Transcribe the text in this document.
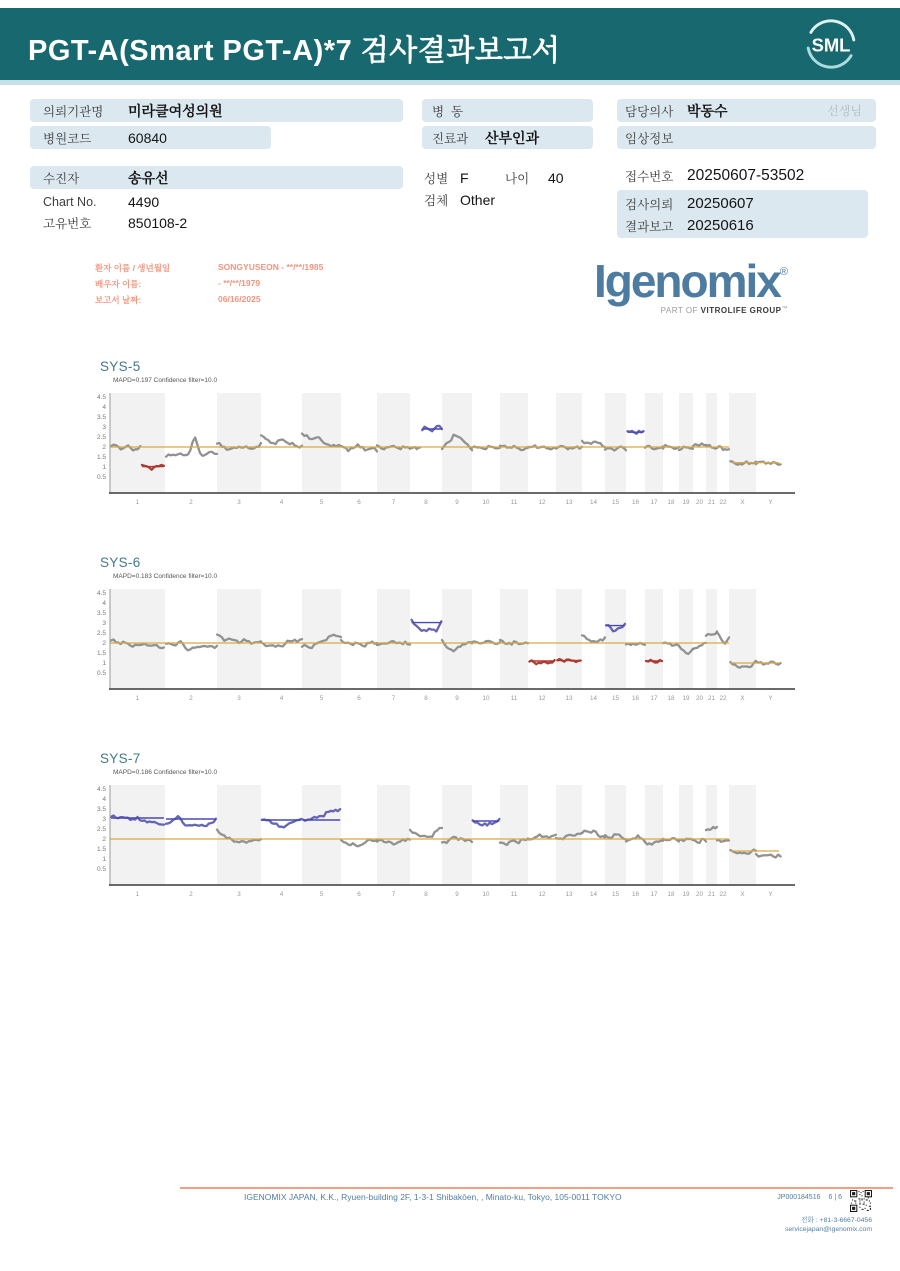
PGT-A(Smart PGT-A)*7 검사결과보고서	SML
의뢰기관명	미라클여성의원
병원코드	60840
수진자	송유선
Chart No.	4490
고유번호	850108-2
병  동
진료과	산부인과
성별 F	나이	40
검체 Other
담당의사 박동수	선생님
임상정보
접수번호 20250607-53502
검사의뢰 20250607
결과보고 20250616
환자 이름 / 생년월일	SONGYUSEON - **/**/1985
배우자 이름:	- **/**/1979
보고서 날짜:	06/16/2025	Igenomix®
PART OF VITROLIFE GROUP™
SYS-5
MAPD=0.197 Confidence filter=10.0
4.5
4
3.5
3
2.5
2
1.5
1
0.5
1	2	3	4	5	6	7	8	9	10	11	12	13	14 15 16 17 18 19 20 21 22 X	Y
SYS-6
MAPD=0.183 Confidence filter=10.0
4.5
4
3.5
3
2.5
2
1.5
1
0.5
1	2	3	4	5	6	7	8	9	10	11	12	13	14 15 16 17 18 19 20 21 22 X	Y
SYS-7
MAPD=0.186 Confidence filter=10.0
4.5
4
3.5
3
2.5
2
1.5
1
0.5
1	2	3	4	5	6	7	8	9	10	11	12	13	14 15 16 17 18 19 20 21 22 X	Y
IGENOMIX JAPAN, K.K., Ryuen-building 2F, 1-3-1 Shibakōen, , Minato-ku, Tokyo, 105-0011 TOKYO	JP000184516 6 | 6
전화 : +81-3-6667-0456
servicejapan@igenomix.com
